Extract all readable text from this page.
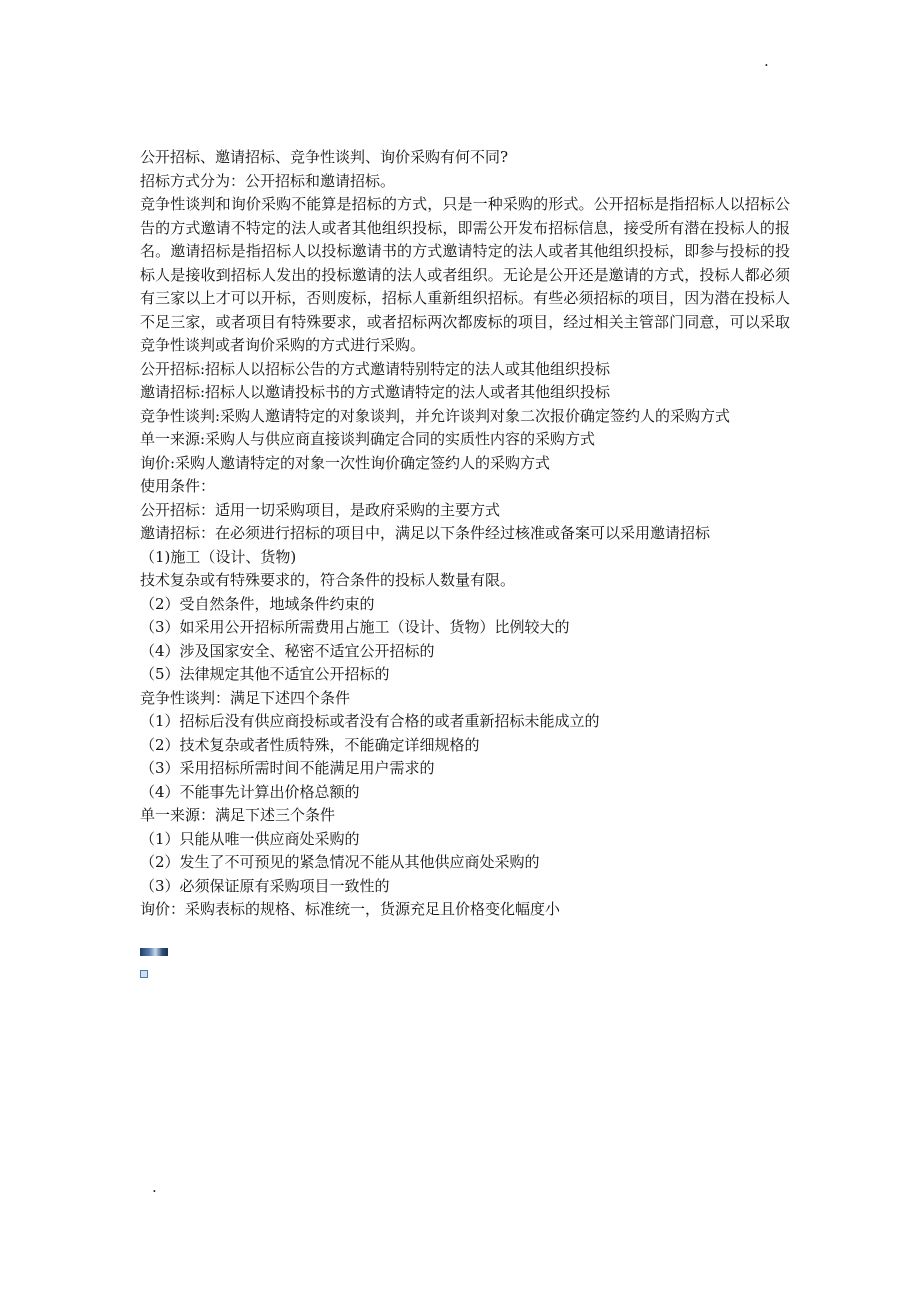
.
公开招标、邀请招标、竞争性谈判、询价采购有何不同?
招标方式分为：公开招标和邀请招标。
竞争性谈判和询价采购不能算是招标的方式，只是一种采购的形式。公开招标是指招标人以招标公告的方式邀请不特定的法人或者其他组织投标，即需公开发布招标信息，接受所有潜在投标人的报名。邀请招标是指招标人以投标邀请书的方式邀请特定的法人或者其他组织投标，即参与投标的投标人是接收到招标人发出的投标邀请的法人或者组织。无论是公开还是邀请的方式，投标人都必须有三家以上才可以开标，否则废标，招标人重新组织招标。有些必须招标的项目，因为潜在投标人不足三家，或者项目有特殊要求，或者招标两次都废标的项目，经过相关主管部门同意，可以采取竞争性谈判或者询价采购的方式进行采购。
公开招标:招标人以招标公告的方式邀请特别特定的法人或其他组织投标
邀请招标:招标人以邀请投标书的方式邀请特定的法人或者其他组织投标
竞争性谈判:采购人邀请特定的对象谈判，并允许谈判对象二次报价确定签约人的采购方式
单一来源:采购人与供应商直接谈判确定合同的实质性内容的采购方式
询价:采购人邀请特定的对象一次性询价确定签约人的采购方式
使用条件：
公开招标：适用一切采购项目，是政府采购的主要方式
邀请招标：在必须进行招标的项目中，满足以下条件经过核准或备案可以采用邀请招标
（1)施工（设计、货物)
技术复杂或有特殊要求的，符合条件的投标人数量有限。
（2）受自然条件，地域条件约束的
（3）如采用公开招标所需费用占施工（设计、货物）比例较大的
（4）涉及国家安全、秘密不适宜公开招标的
（5）法律规定其他不适宜公开招标的
竞争性谈判：满足下述四个条件
（1）招标后没有供应商投标或者没有合格的或者重新招标未能成立的
（2）技术复杂或者性质特殊，不能确定详细规格的
（3）采用招标所需时间不能满足用户需求的
（4）不能事先计算出价格总额的
单一来源：满足下述三个条件
（1）只能从唯一供应商处采购的
（2）发生了不可预见的紧急情况不能从其他供应商处采购的
（3）必须保证原有采购项目一致性的
询价：采购表标的规格、标准统一，货源充足且价格变化幅度小
.
